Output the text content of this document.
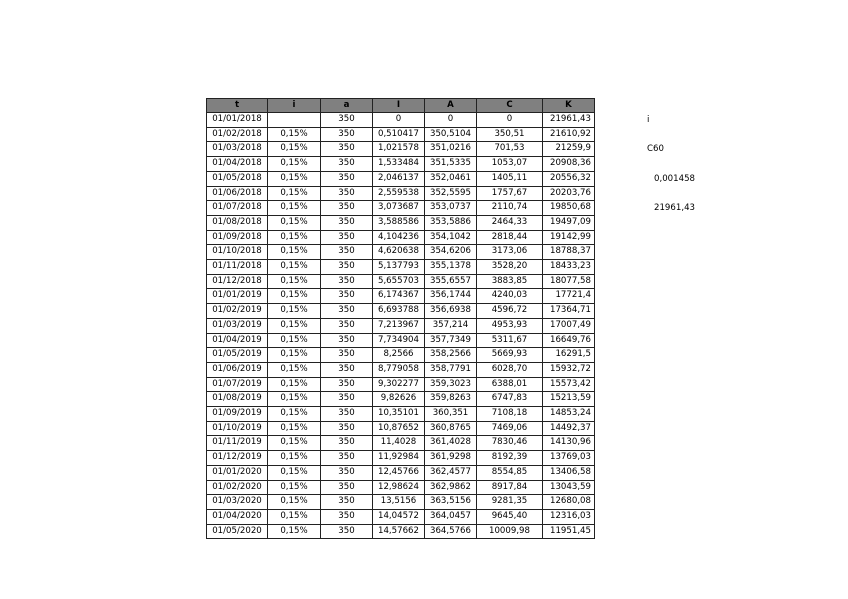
t	i	a	I	A	C	K
01/01/2018		350	0	0	0	21961,43
01/02/2018	0,15%	350	0,510417	350,5104	350,51	21610,92
01/03/2018	0,15%	350	1,021578	351,0216	701,53	21259,9
01/04/2018	0,15%	350	1,533484	351,5335	1053,07	20908,36
01/05/2018	0,15%	350	2,046137	352,0461	1405,11	20556,32
01/06/2018	0,15%	350	2,559538	352,5595	1757,67	20203,76
01/07/2018	0,15%	350	3,073687	353,0737	2110,74	19850,68
01/08/2018	0,15%	350	3,588586	353,5886	2464,33	19497,09
01/09/2018	0,15%	350	4,104236	354,1042	2818,44	19142,99
01/10/2018	0,15%	350	4,620638	354,6206	3173,06	18788,37
01/11/2018	0,15%	350	5,137793	355,1378	3528,20	18433,23
01/12/2018	0,15%	350	5,655703	355,6557	3883,85	18077,58
01/01/2019	0,15%	350	6,174367	356,1744	4240,03	17721,4
01/02/2019	0,15%	350	6,693788	356,6938	4596,72	17364,71
01/03/2019	0,15%	350	7,213967	357,214	4953,93	17007,49
01/04/2019	0,15%	350	7,734904	357,7349	5311,67	16649,76
01/05/2019	0,15%	350	8,2566	358,2566	5669,93	16291,5
01/06/2019	0,15%	350	8,779058	358,7791	6028,70	15932,72
01/07/2019	0,15%	350	9,302277	359,3023	6388,01	15573,42
01/08/2019	0,15%	350	9,82626	359,8263	6747,83	15213,59
01/09/2019	0,15%	350	10,35101	360,351	7108,18	14853,24
01/10/2019	0,15%	350	10,87652	360,8765	7469,06	14492,37
01/11/2019	0,15%	350	11,4028	361,4028	7830,46	14130,96
01/12/2019	0,15%	350	11,92984	361,9298	8192,39	13769,03
01/01/2020	0,15%	350	12,45766	362,4577	8554,85	13406,58
01/02/2020	0,15%	350	12,98624	362,9862	8917,84	13043,59
01/03/2020	0,15%	350	13,5156	363,5156	9281,35	12680,08
01/04/2020	0,15%	350	14,04572	364,0457	9645,40	12316,03
01/05/2020	0,15%	350	14,57662	364,5766	10009,98	11951,45
i
C60
0,001458
21961,43
